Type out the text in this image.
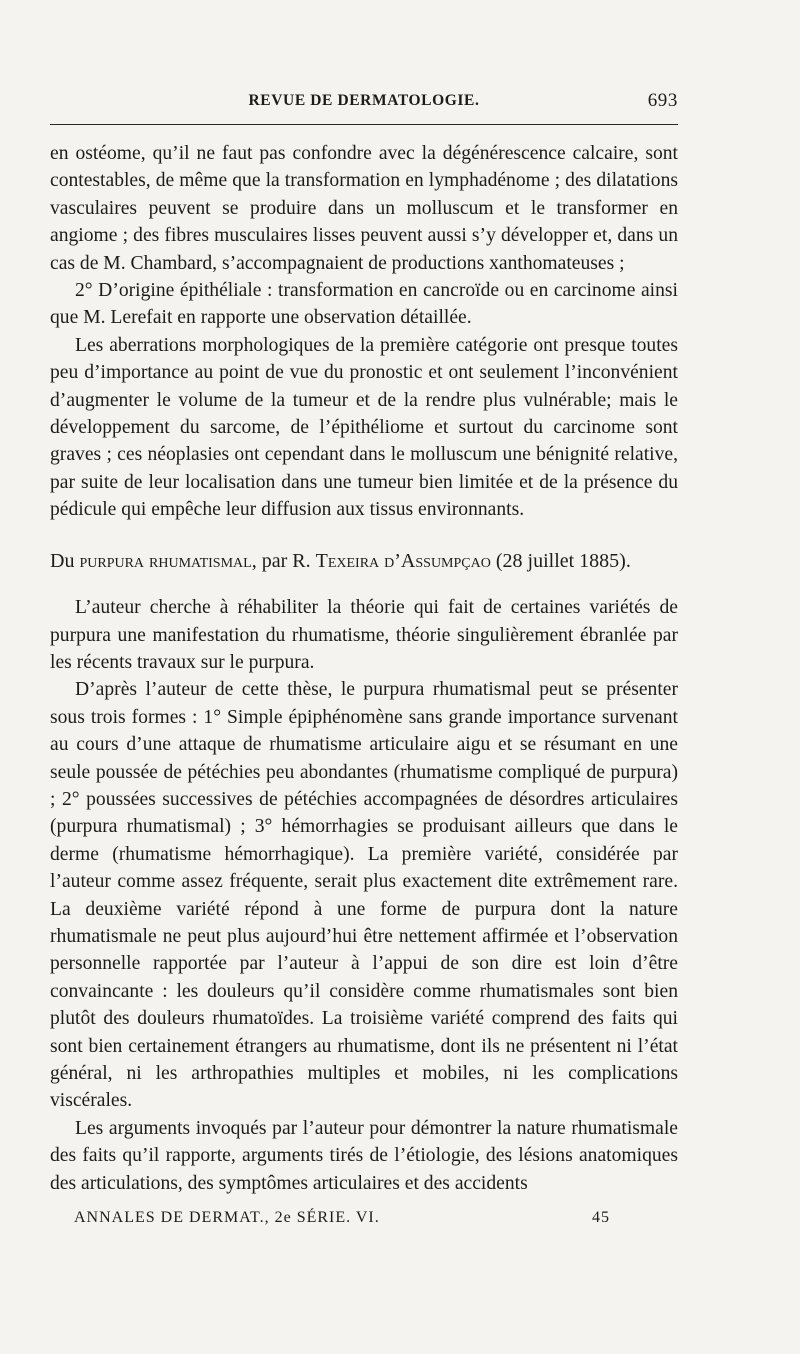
REVUE DE DERMATOLOGIE.	693

en ostéome, qu’il ne faut pas confondre avec la dégénérescence calcaire, sont contestables, de même que la transformation en lymphadénome ; des dilatations vasculaires peuvent se produire dans un molluscum et le transformer en angiome ; des fibres musculaires lisses peuvent aussi s’y développer et, dans un cas de M. Chambard, s’accompagnaient de productions xanthomateuses ;

2° D’origine épithéliale : transformation en cancroïde ou en carcinome ainsi que M. Lerefait en rapporte une observation détaillée.

Les aberrations morphologiques de la première catégorie ont presque toutes peu d’importance au point de vue du pronostic et ont seulement l’inconvénient d’augmenter le volume de la tumeur et de la rendre plus vulnérable; mais le développement du sarcome, de l’épithéliome et surtout du carcinome sont graves ; ces néoplasies ont cependant dans le molluscum une bénignité relative, par suite de leur localisation dans une tumeur bien limitée et de la présence du pédicule qui empêche leur diffusion aux tissus environnants.

Du purpura rhumatismal, par R. Texeira d’Assumpçao (28 juillet 1885).

L’auteur cherche à réhabiliter la théorie qui fait de certaines variétés de purpura une manifestation du rhumatisme, théorie singulièrement ébranlée par les récents travaux sur le purpura.

D’après l’auteur de cette thèse, le purpura rhumatismal peut se présenter sous trois formes : 1° Simple épiphénomène sans grande importance survenant au cours d’une attaque de rhumatisme articulaire aigu et se résumant en une seule poussée de pétéchies peu abondantes (rhumatisme compliqué de purpura) ; 2° poussées successives de pétéchies accompagnées de désordres articulaires (purpura rhumatismal) ; 3° hémorrhagies se produisant ailleurs que dans le derme (rhumatisme hémorrhagique). La première variété, considérée par l’auteur comme assez fréquente, serait plus exactement dite extrêmement rare. La deuxième variété répond à une forme de purpura dont la nature rhumatismale ne peut plus aujourd’hui être nettement affirmée et l’observation personnelle rapportée par l’auteur à l’appui de son dire est loin d’être convaincante : les douleurs qu’il considère comme rhumatismales sont bien plutôt des douleurs rhumatoïdes. La troisième variété comprend des faits qui sont bien certainement étrangers au rhumatisme, dont ils ne présentent ni l’état général, ni les arthropathies multiples et mobiles, ni les complications viscérales.

Les arguments invoqués par l’auteur pour démontrer la nature rhumatismale des faits qu’il rapporte, arguments tirés de l’étiologie, des lésions anatomiques des articulations, des symptômes articulaires et des accidents

ANNALES DE DERMAT., 2e SÉRIE. VI.	45
